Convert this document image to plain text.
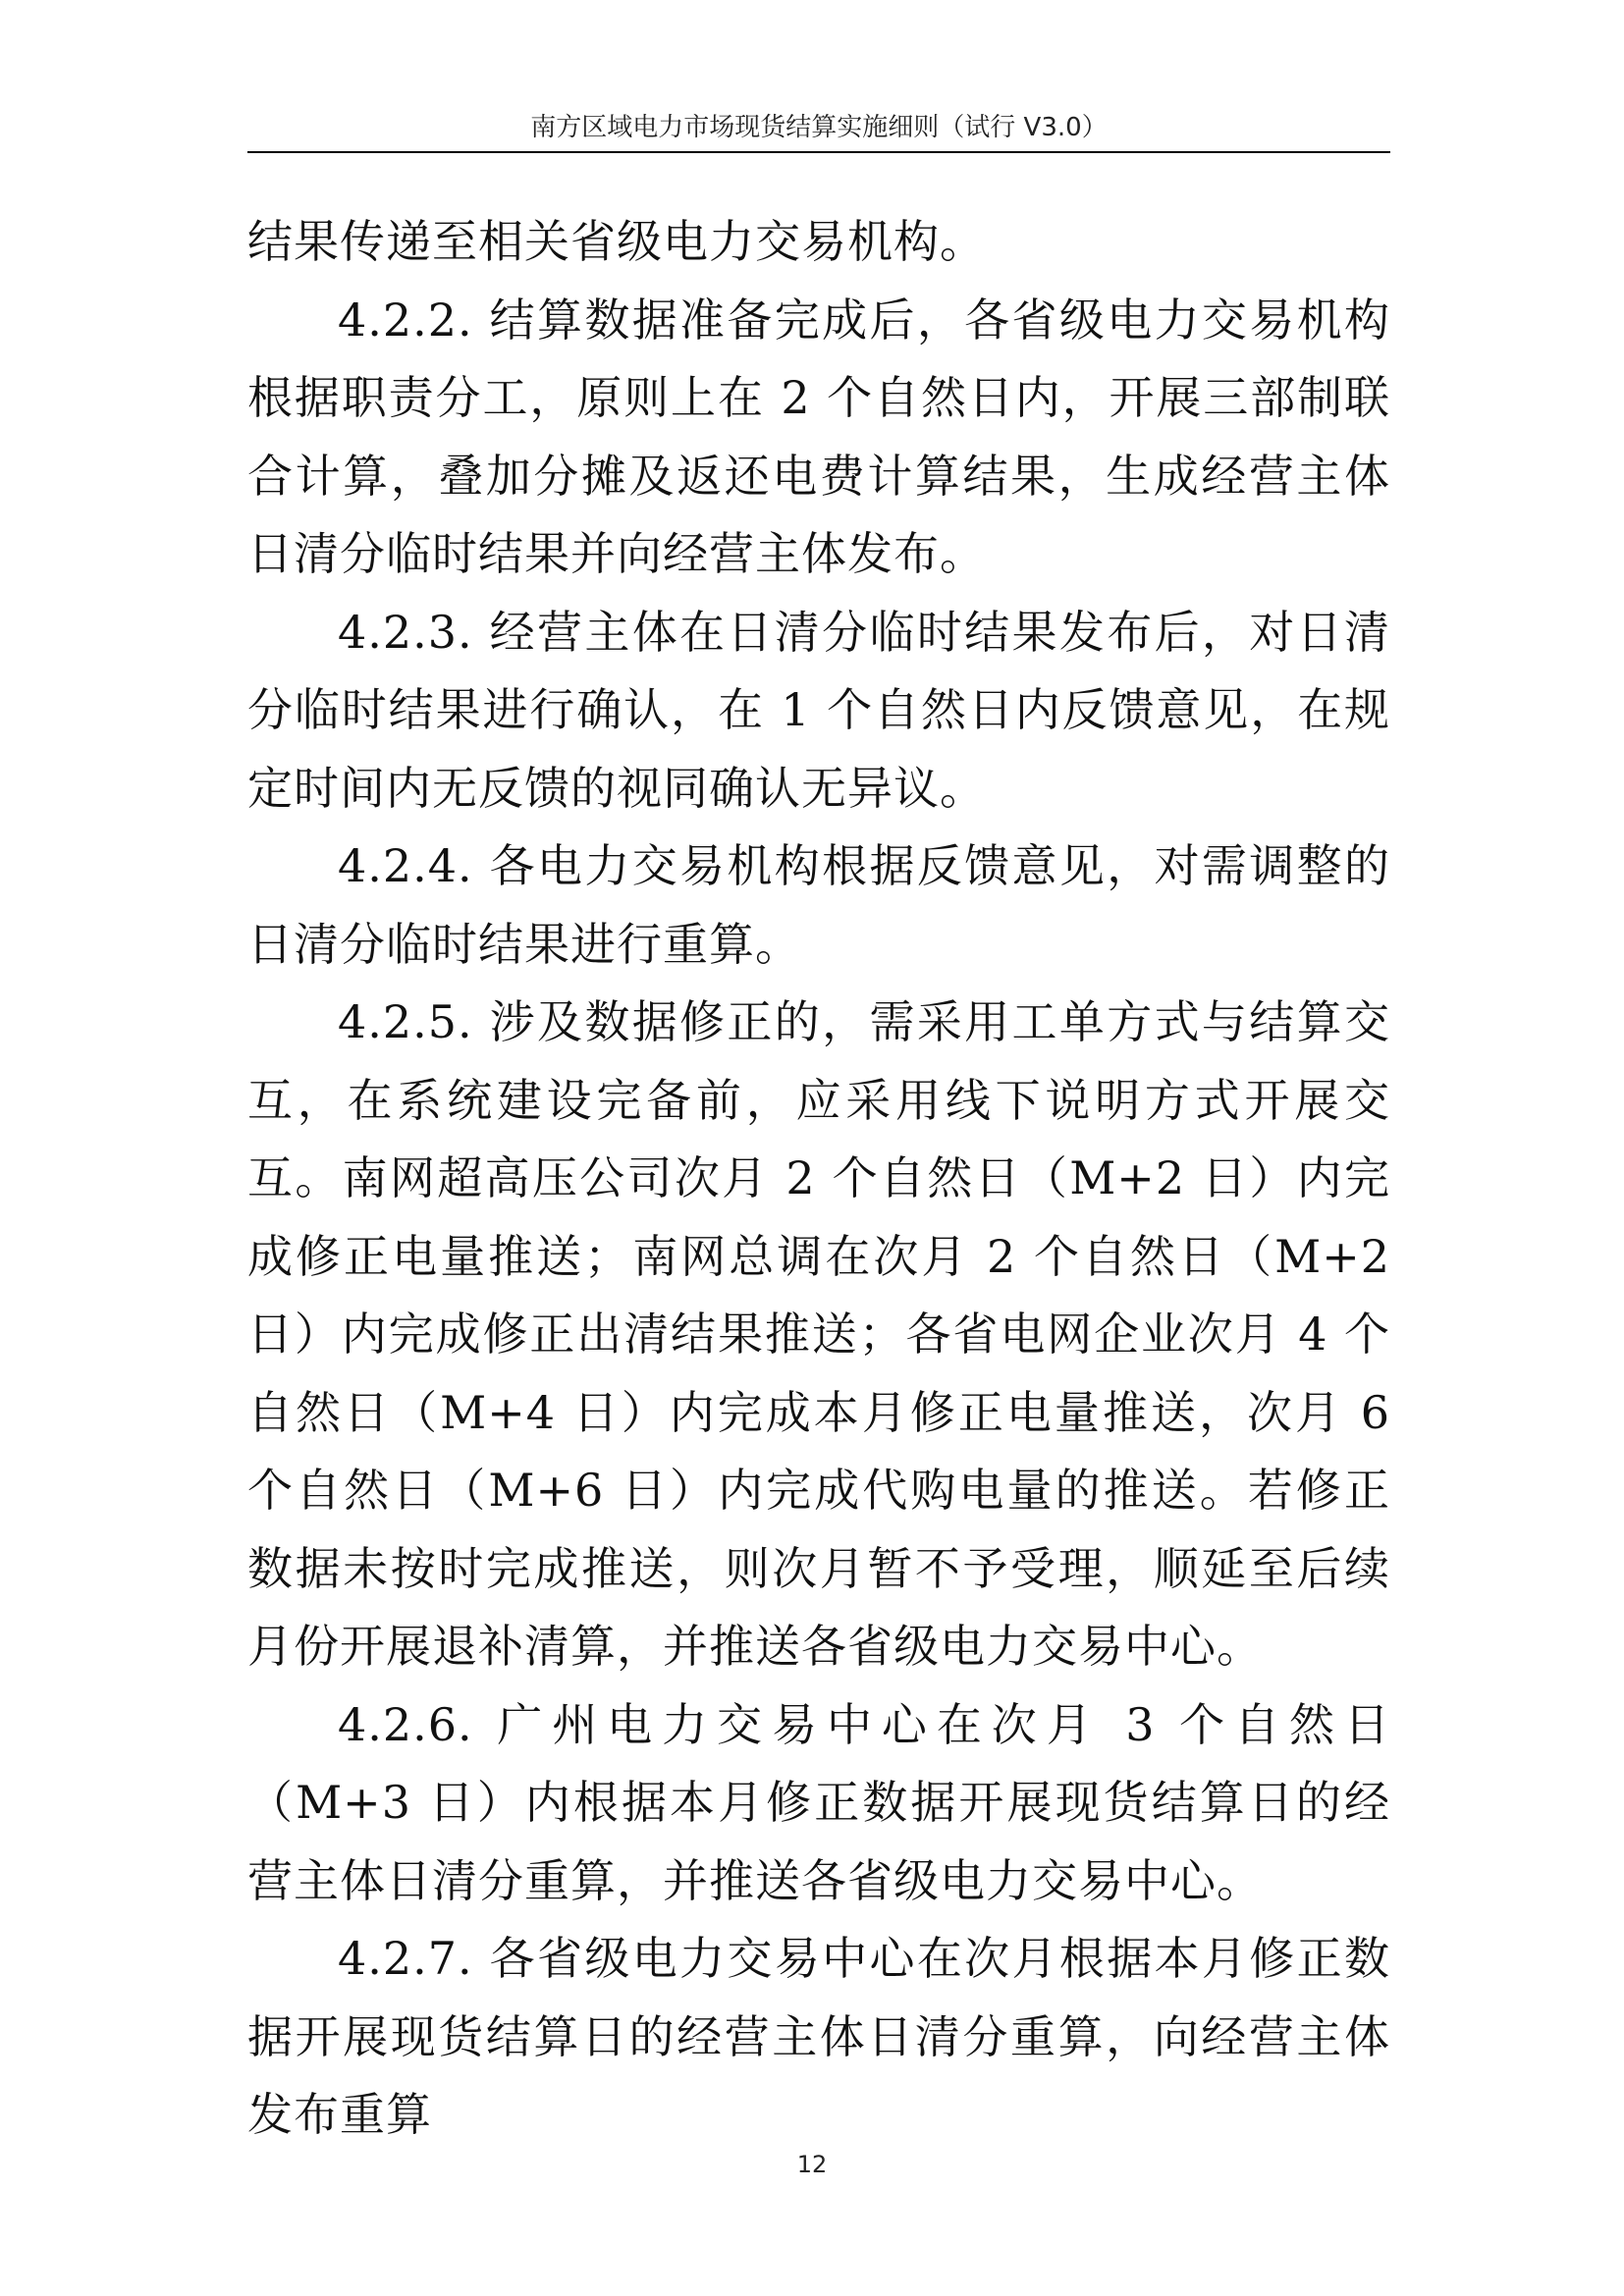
南方区域电力市场现货结算实施细则（试行 V3.0）

结果传递至相关省级电力交易机构。

4.2.2. 结算数据准备完成后，各省级电力交易机构根据职责分工，原则上在 2 个自然日内，开展三部制联合计算，叠加分摊及返还电费计算结果，生成经营主体日清分临时结果并向经营主体发布。

4.2.3. 经营主体在日清分临时结果发布后，对日清分临时结果进行确认，在 1 个自然日内反馈意见，在规定时间内无反馈的视同确认无异议。

4.2.4. 各电力交易机构根据反馈意见，对需调整的日清分临时结果进行重算。

4.2.5. 涉及数据修正的，需采用工单方式与结算交互，在系统建设完备前，应采用线下说明方式开展交互。南网超高压公司次月 2 个自然日（M+2 日）内完成修正电量推送；南网总调在次月 2 个自然日（M+2 日）内完成修正出清结果推送；各省电网企业次月 4 个自然日（M+4 日）内完成本月修正电量推送，次月 6 个自然日（M+6 日）内完成代购电量的推送。若修正数据未按时完成推送，则次月暂不予受理，顺延至后续月份开展退补清算，并推送各省级电力交易中心。

4.2.6. 广州电力交易中心在次月 3 个自然日（M+3 日）内根据本月修正数据开展现货结算日的经营主体日清分重算，并推送各省级电力交易中心。

4.2.7. 各省级电力交易中心在次月根据本月修正数据开展现货结算日的经营主体日清分重算，向经营主体发布重算

12
